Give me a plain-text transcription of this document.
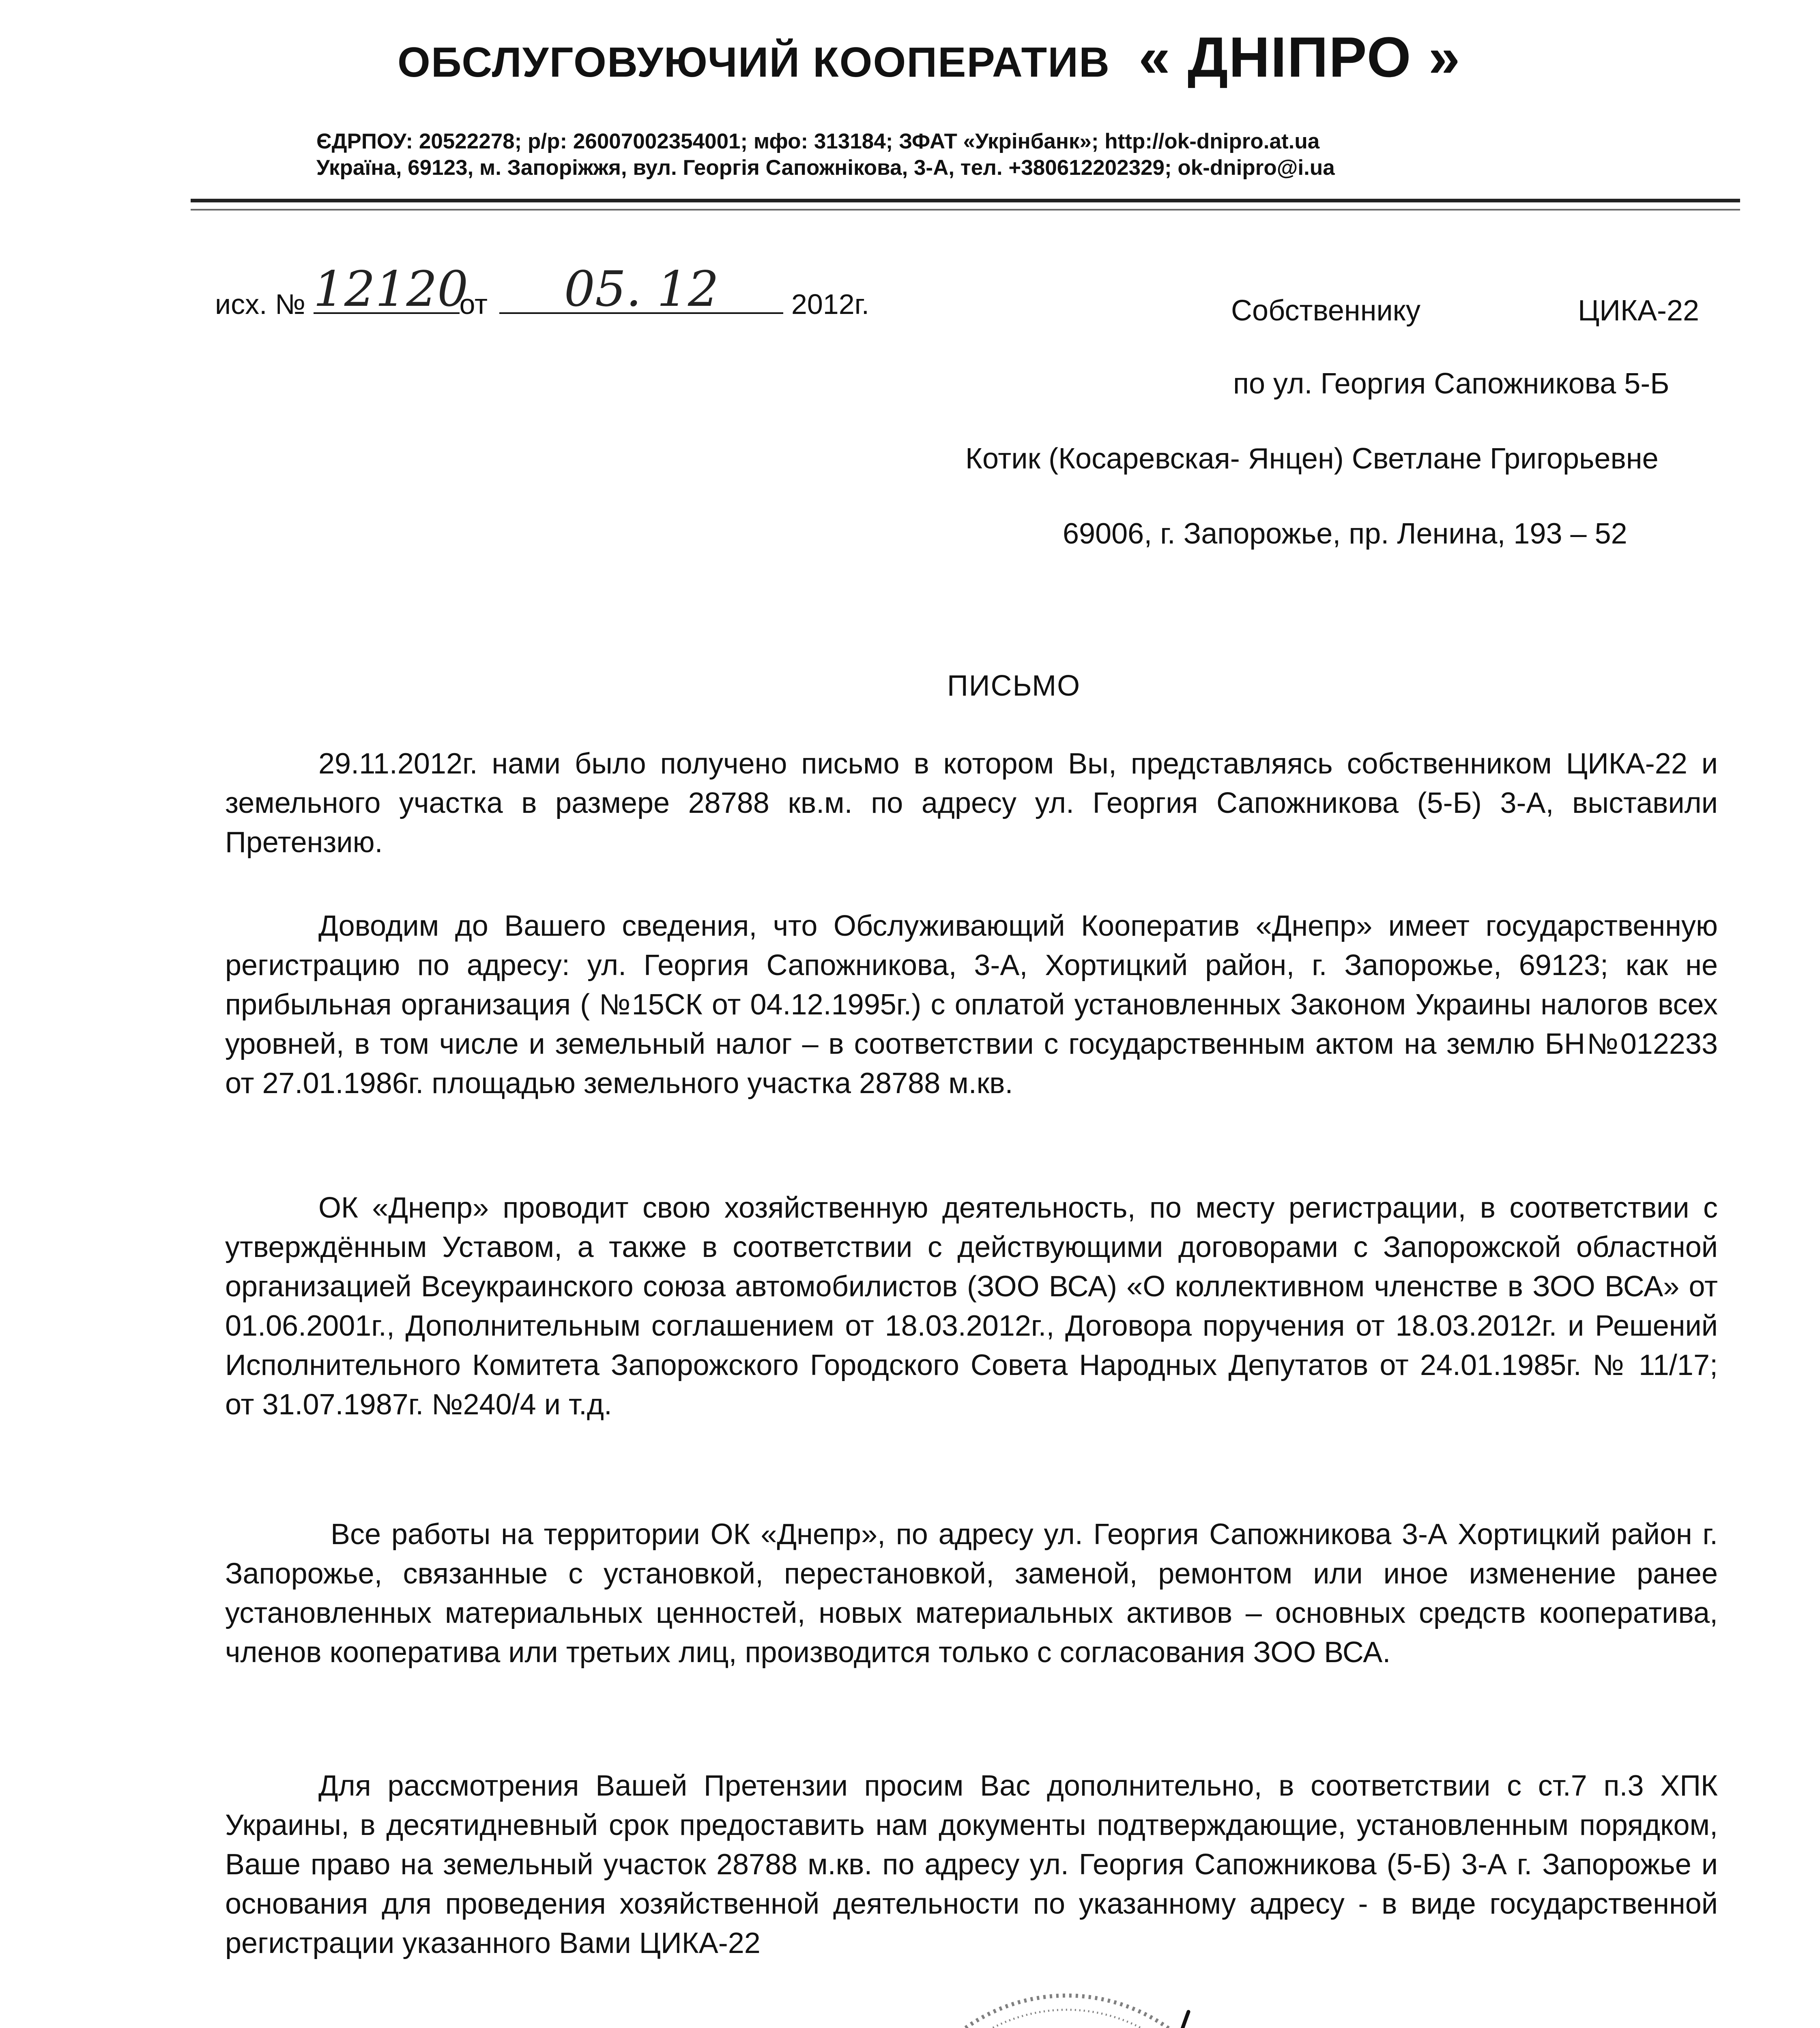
ОБСЛУГОВУЮЧИЙ КООПЕРАТИВ « ДНІПРО »
ЄДРПОУ: 20522278; р/р: 26007002354001; мфо: 313184; ЗФАТ «Укрінбанк»; http://ok-dnipro.at.ua
Україна, 69123, м. Запоріжжя, вул. Георгія Сапожнікова, 3-А, тел. +380612202329; ok-dnipro@i.ua
исх. № 12120
от	05. 12	2012г.	Собственнику	ЦИКА-22
по ул. Георгия Сапожникова 5-Б
Котик (Косаревская- Янцен) Светлане Григорьевне
69006, г. Запорожье, пр. Ленина, 193 – 52
ПИСЬМО
29.11.2012г. нами было получено письмо в котором Вы, представляясь собственником ЦИКА-22 и земельного участка в размере 28788 кв.м. по адресу ул. Георгия Сапожникова (5-Б) 3-А, выставили Претензию.
Доводим до Вашего сведения, что Обслуживающий Кооператив «Днепр» имеет государственную регистрацию по адресу: ул. Георгия Сапожникова, 3-А, Хортицкий район, г. Запорожье, 69123; как не прибыльная организация ( №15СК от 04.12.1995г.) с оплатой установленных Законом Украины налогов всех уровней, в том числе и земельный налог – в соответствии с государственным актом на землю БН№012233 от 27.01.1986г. площадью земельного участка 28788 м.кв.
ОК «Днепр» проводит свою хозяйственную деятельность, по месту регистрации, в соответствии с утверждённым Уставом, а также в соответствии с действующими договорами с Запорожской областной организацией Всеукраинского союза автомобилистов (ЗОО ВСА) «О коллективном членстве в ЗОО ВСА» от 01.06.2001г., Дополнительным соглашением от 18.03.2012г., Договора поручения от 18.03.2012г. и Решений Исполнительного Комитета Запорожского Городского Совета Народных Депутатов от 24.01.1985г. № 11/17; от 31.07.1987г. №240/4 и т.д.
Все работы на территории ОК «Днепр», по адресу ул. Георгия Сапожникова 3-А Хортицкий район г. Запорожье, связанные с установкой, перестановкой, заменой, ремонтом или иное изменение ранее установленных материальных ценностей, новых материальных активов – основных средств кооператива, членов кооператива или третьих лиц, производится только с согласования ЗОО ВСА.
Для рассмотрения Вашей Претензии просим Вас дополнительно, в соответствии с ст.7 п.3 ХПК Украины, в десятидневный срок предоставить нам документы подтверждающие, установленным порядком, Ваше право на земельный участок 28788 м.кв. по адресу ул. Георгия Сапожникова (5-Б) 3-А г. Запорожье и основания для проведения хозяйственной деятельности по указанному адресу - в виде государственной регистрации указанного Вами ЦИКА-22
